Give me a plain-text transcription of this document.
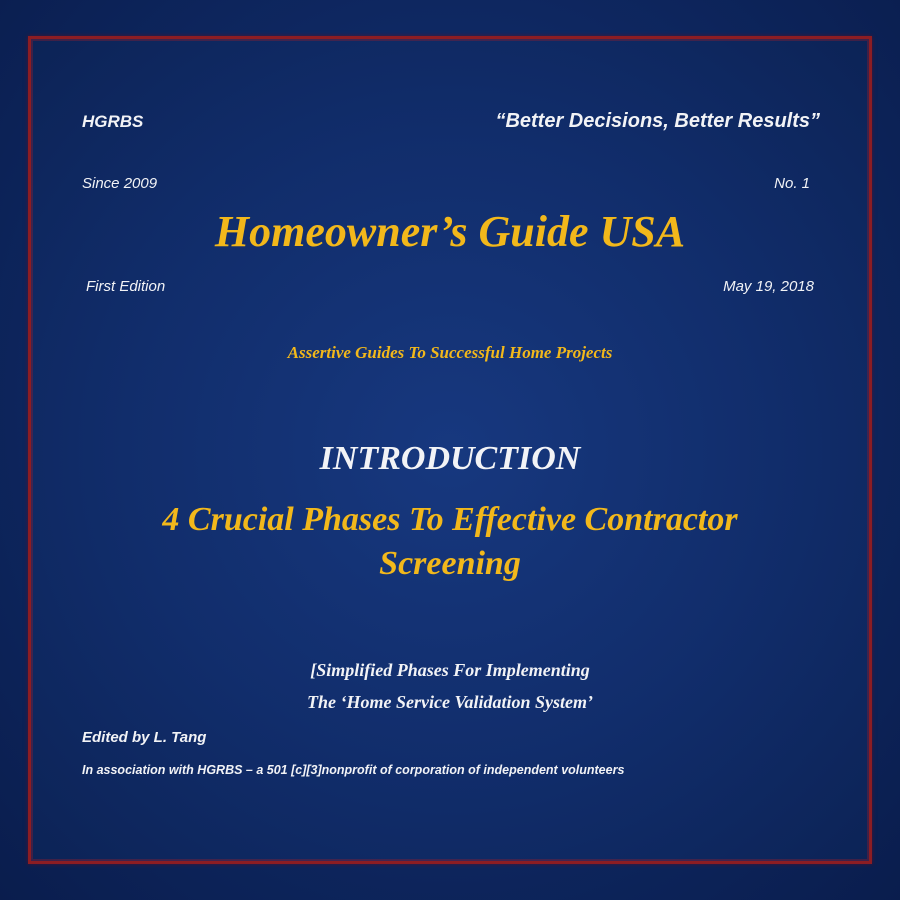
HGRBS	“Better Decisions, Better Results”

Since 2009	No. 1

Homeowner’s Guide USA

First Edition	May 19, 2018

Assertive Guides To Successful Home Projects

INTRODUCTION
4 Crucial Phases To Effective Contractor
Screening

[Simplified Phases For Implementing

The ‘Home Service Validation System’

Edited by L. Tang

In association with HGRBS – a 501 [c][3]nonprofit of corporation of independent volunteers
